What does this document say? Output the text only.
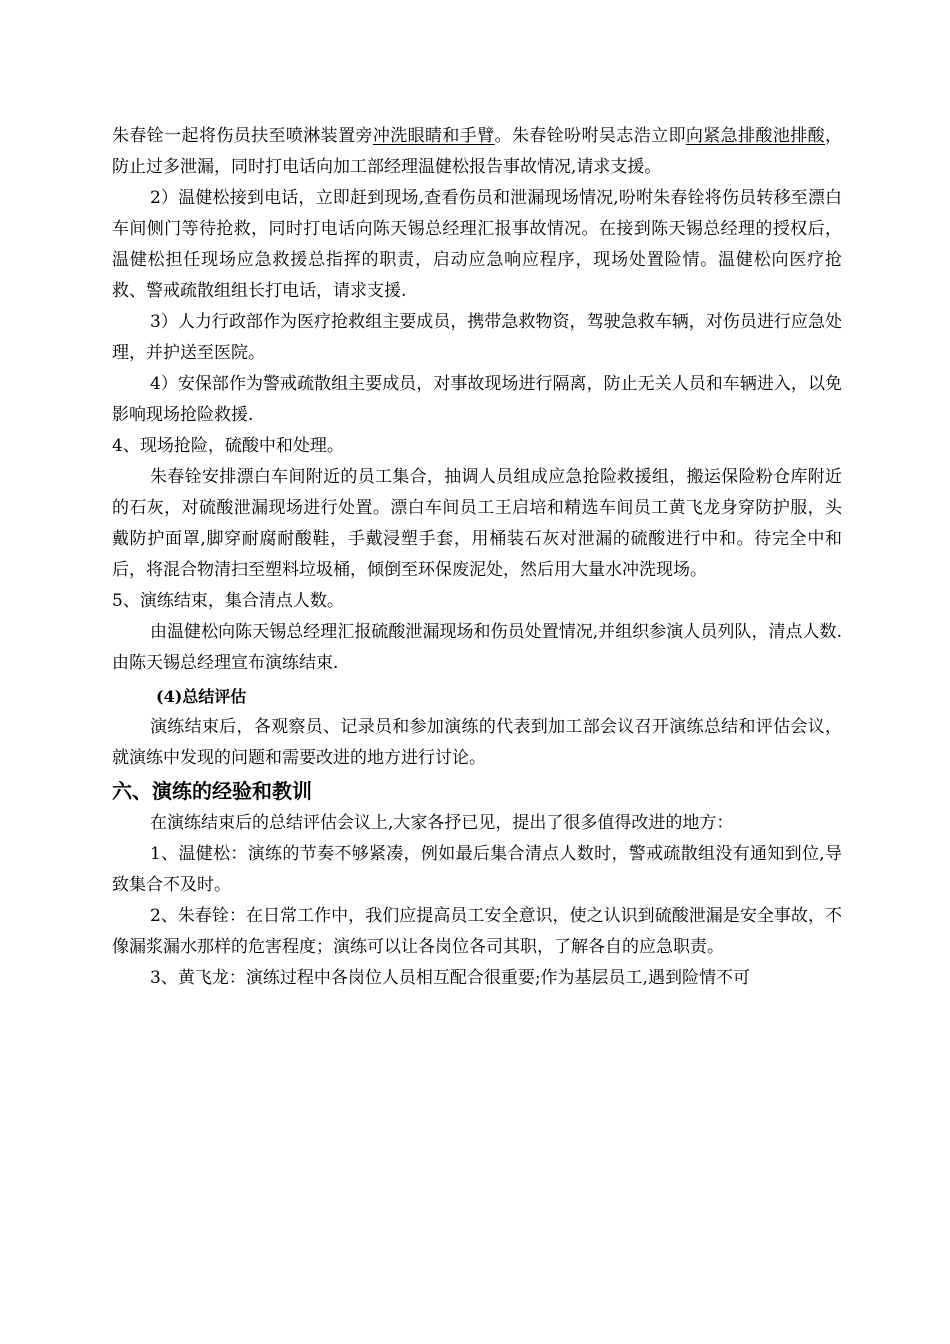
朱春铨一起将伤员扶至喷淋装置旁冲洗眼睛和手臂。朱春铨吩咐吴志浩立即向紧急排酸池排酸，防止过多泄漏，同时打电话向加工部经理温健松报告事故情况,请求支援。

2）温健松接到电话，立即赶到现场,查看伤员和泄漏现场情况,吩咐朱春铨将伤员转移至漂白车间侧门等待抢救，同时打电话向陈天锡总经理汇报事故情况。在接到陈天锡总经理的授权后，温健松担任现场应急救援总指挥的职责，启动应急响应程序，现场处置险情。温健松向医疗抢救、警戒疏散组组长打电话，请求支援.

3）人力行政部作为医疗抢救组主要成员，携带急救物资，驾驶急救车辆，对伤员进行应急处理，并护送至医院。

4）安保部作为警戒疏散组主要成员，对事故现场进行隔离，防止无关人员和车辆进入，以免影响现场抢险救援.

4、现场抢险，硫酸中和处理。

朱春铨安排漂白车间附近的员工集合，抽调人员组成应急抢险救援组，搬运保险粉仓库附近的石灰，对硫酸泄漏现场进行处置。漂白车间员工王启培和精选车间员工黄飞龙身穿防护服，头戴防护面罩,脚穿耐腐耐酸鞋，手戴浸塑手套，用桶装石灰对泄漏的硫酸进行中和。待完全中和后，将混合物清扫至塑料垃圾桶，倾倒至环保废泥处，然后用大量水冲洗现场。

5、演练结束，集合清点人数。

由温健松向陈天锡总经理汇报硫酸泄漏现场和伤员处置情况,并组织参演人员列队，清点人数.由陈天锡总经理宣布演练结束.

(4)总结评估

演练结束后，各观察员、记录员和参加演练的代表到加工部会议召开演练总结和评估会议，就演练中发现的问题和需要改进的地方进行讨论。

六、演练的经验和教训

在演练结束后的总结评估会议上,大家各抒已见，提出了很多值得改进的地方：

1、温健松：演练的节奏不够紧凑，例如最后集合清点人数时，警戒疏散组没有通知到位,导致集合不及时。

2、朱春铨：在日常工作中，我们应提高员工安全意识，使之认识到硫酸泄漏是安全事故，不像漏浆漏水那样的危害程度；演练可以让各岗位各司其职，了解各自的应急职责。

3、黄飞龙：演练过程中各岗位人员相互配合很重要;作为基层员工,遇到险情不可
